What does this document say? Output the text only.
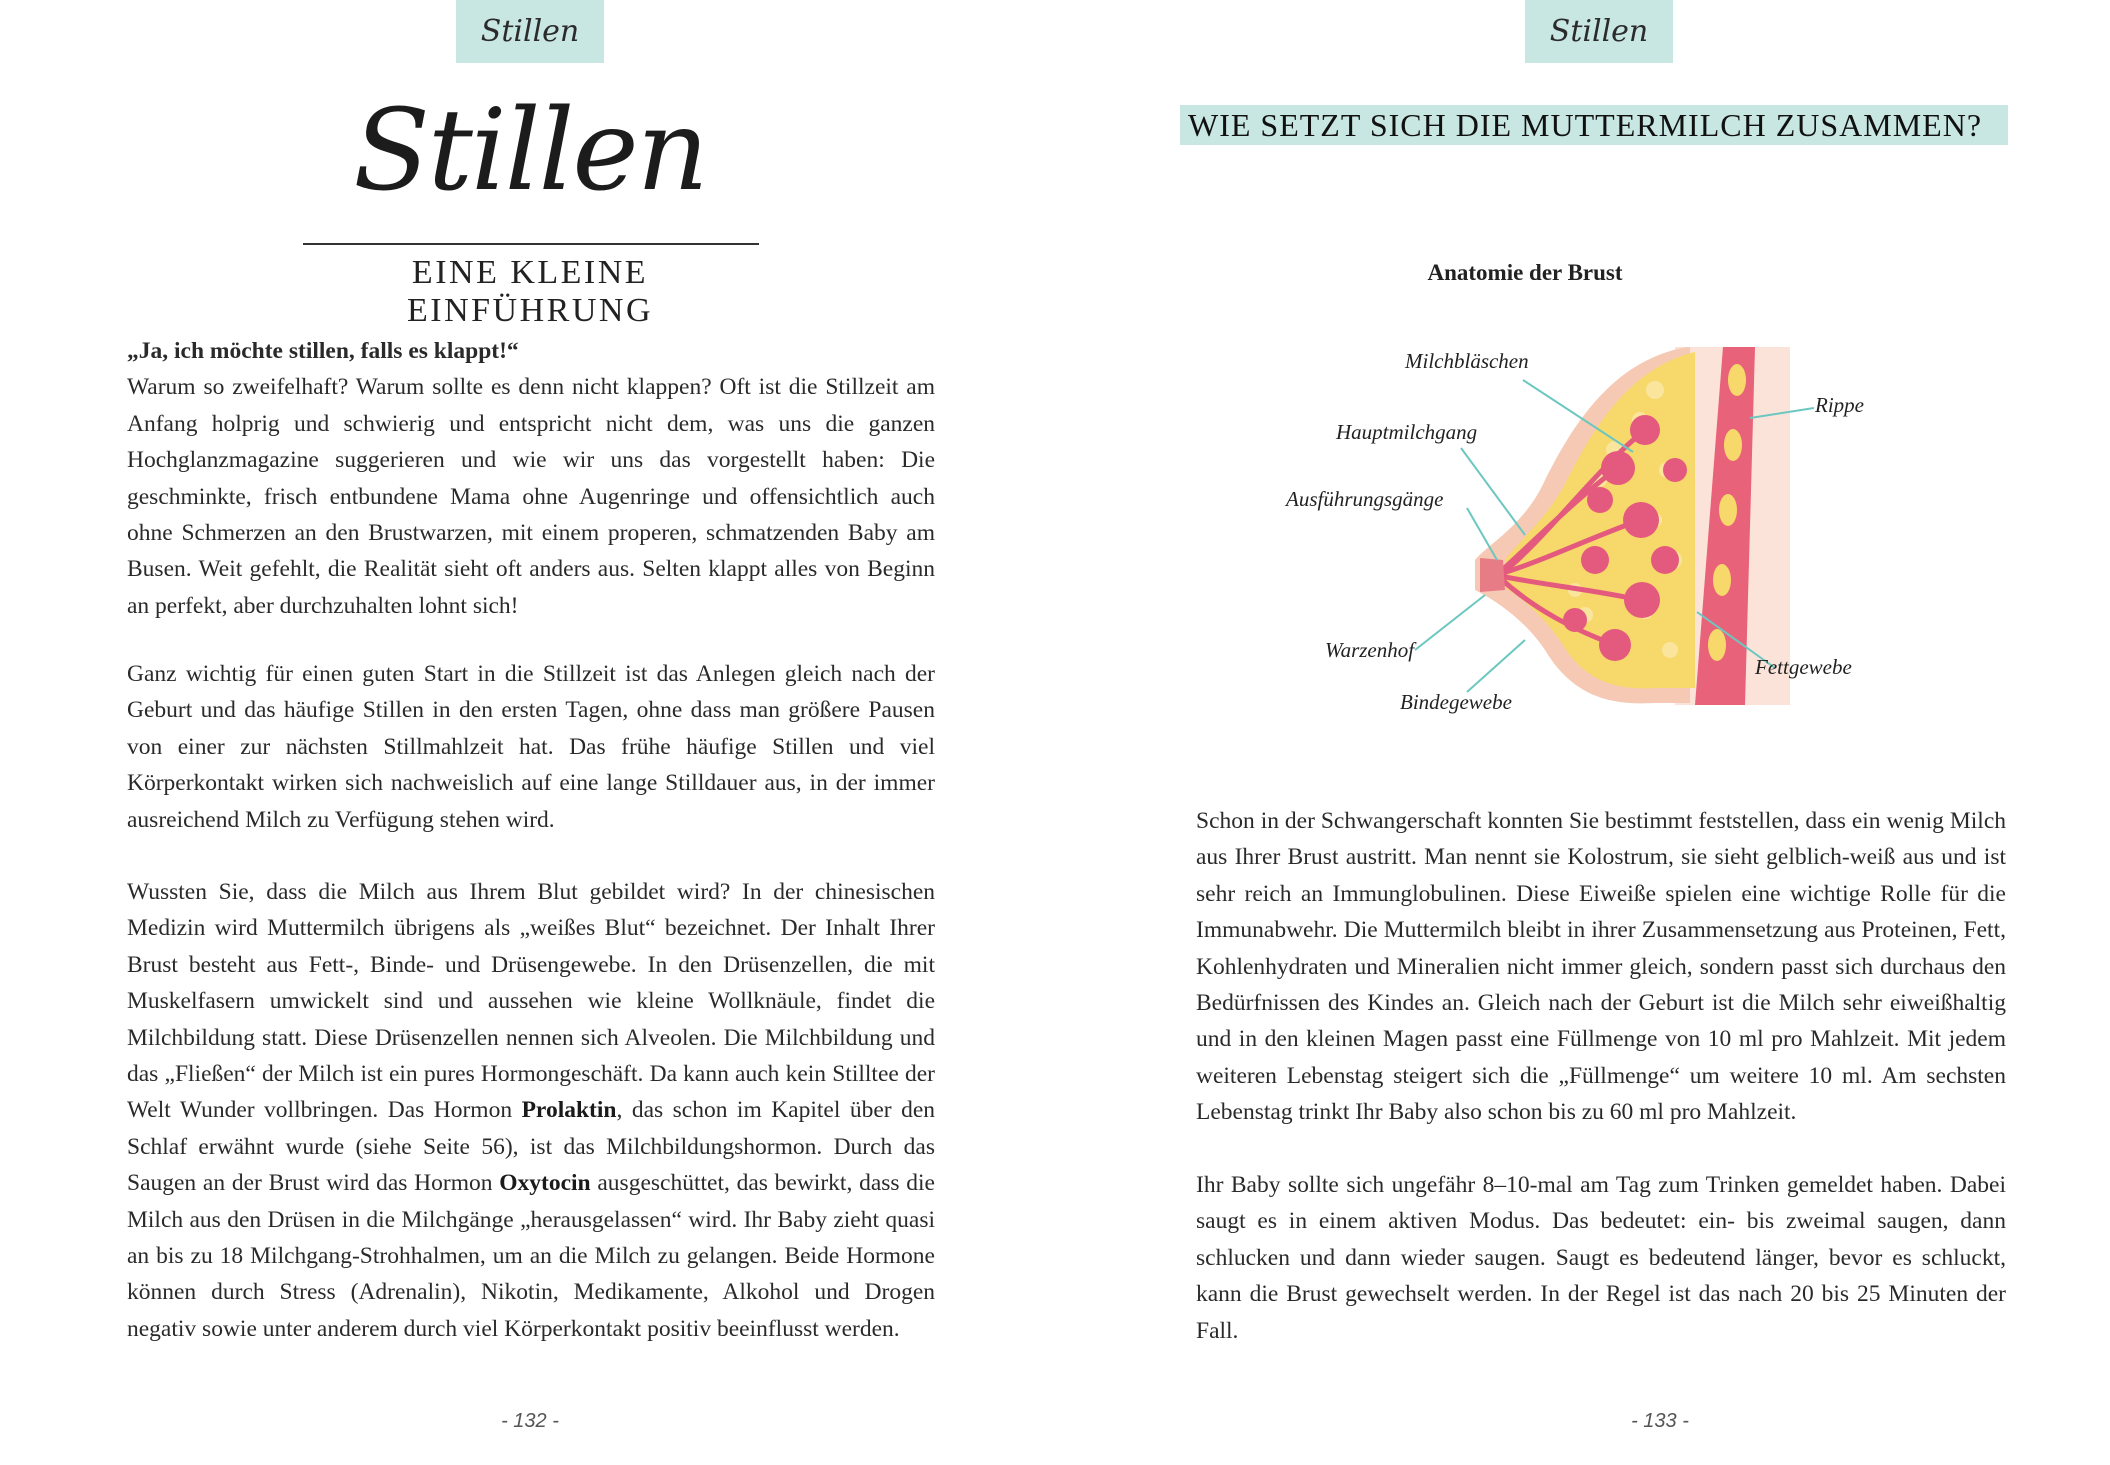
Stillen
Stillen
EINE KLEINE EINFÜHRUNG

„Ja, ich möchte stillen, falls es klappt!“
Warum so zweifelhaft? Warum sollte es denn nicht klappen? Oft ist die Stillzeit am Anfang holprig und schwierig und entspricht nicht dem, was uns die ganzen Hochglanzmagazine suggerieren und wie wir uns das vorgestellt haben: Die geschminkte, frisch entbundene Mama ohne Augenringe und offensichtlich auch ohne Schmerzen an den Brustwarzen, mit einem properen, schmatzenden Baby am Busen. Weit gefehlt, die Realität sieht oft anders aus. Selten klappt alles von Beginn an perfekt, aber durchzuhalten lohnt sich!

Ganz wichtig für einen guten Start in die Stillzeit ist das Anlegen gleich nach der Geburt und das häufige Stillen in den ersten Tagen, ohne dass man größere Pausen von einer zur nächsten Stillmahlzeit hat. Das frühe häufige Stillen und viel Körperkontakt wirken sich nachweislich auf eine lange Stilldauer aus, in der immer ausreichend Milch zu Verfügung stehen wird.

Wussten Sie, dass die Milch aus Ihrem Blut gebildet wird? In der chinesischen Medizin wird Muttermilch übrigens als „weißes Blut“ bezeichnet. Der Inhalt Ihrer Brust besteht aus Fett-, Binde- und Drüsengewebe. In den Drüsenzellen, die mit Muskelfasern umwickelt sind und aussehen wie kleine Wollknäule, findet die Milchbildung statt. Diese Drüsenzellen nennen sich Alveolen. Die Milchbildung und das „Fließen“ der Milch ist ein pures Hormongeschäft. Da kann auch kein Stilltee der Welt Wunder vollbringen. Das Hormon Prolaktin, das schon im Kapitel über den Schlaf erwähnt wurde (siehe Seite 56), ist das Milchbildungshormon. Durch das Saugen an der Brust wird das Hormon Oxytocin ausgeschüttet, das bewirkt, dass die Milch aus den Drüsen in die Milchgänge „herausgelassen“ wird. Ihr Baby zieht quasi an bis zu 18 Milchgang-Strohhalmen, um an die Milch zu gelangen. Beide Hormone können durch Stress (Adrenalin), Nikotin, Medikamente, Alkohol und Drogen negativ sowie unter anderem durch viel Körperkontakt positiv beeinflusst werden.

- 132 -
Stillen
WIE SETZT SICH DIE MUTTERMILCH ZUSAMMEN?
Anatomie der Brust
Milchbläschen
Hauptmilchgang
Ausführungsgänge
Warzenhof
Bindegewebe
Rippe
Fettgewebe

Schon in der Schwangerschaft konnten Sie bestimmt feststellen, dass ein wenig Milch aus Ihrer Brust austritt. Man nennt sie Kolostrum, sie sieht gelblich-weiß aus und ist sehr reich an Immunglobulinen. Diese Eiweiße spielen eine wichtige Rolle für die Immunabwehr. Die Muttermilch bleibt in ihrer Zusammensetzung aus Proteinen, Fett, Kohlenhydraten und Mineralien nicht immer gleich, sondern passt sich durchaus den Bedürfnissen des Kindes an. Gleich nach der Geburt ist die Milch sehr eiweißhaltig und in den kleinen Magen passt eine Füllmenge von 10 ml pro Mahlzeit. Mit jedem weiteren Lebenstag steigert sich die „Füllmenge“ um weitere 10 ml. Am sechsten Lebenstag trinkt Ihr Baby also schon bis zu 60 ml pro Mahlzeit.

Ihr Baby sollte sich ungefähr 8–10-mal am Tag zum Trinken gemeldet haben. Dabei saugt es in einem aktiven Modus. Das bedeutet: ein- bis zweimal saugen, dann schlucken und dann wieder saugen. Saugt es bedeutend länger, bevor es schluckt, kann die Brust gewechselt werden. In der Regel ist das nach 20 bis 25 Minuten der Fall.

- 133 -
